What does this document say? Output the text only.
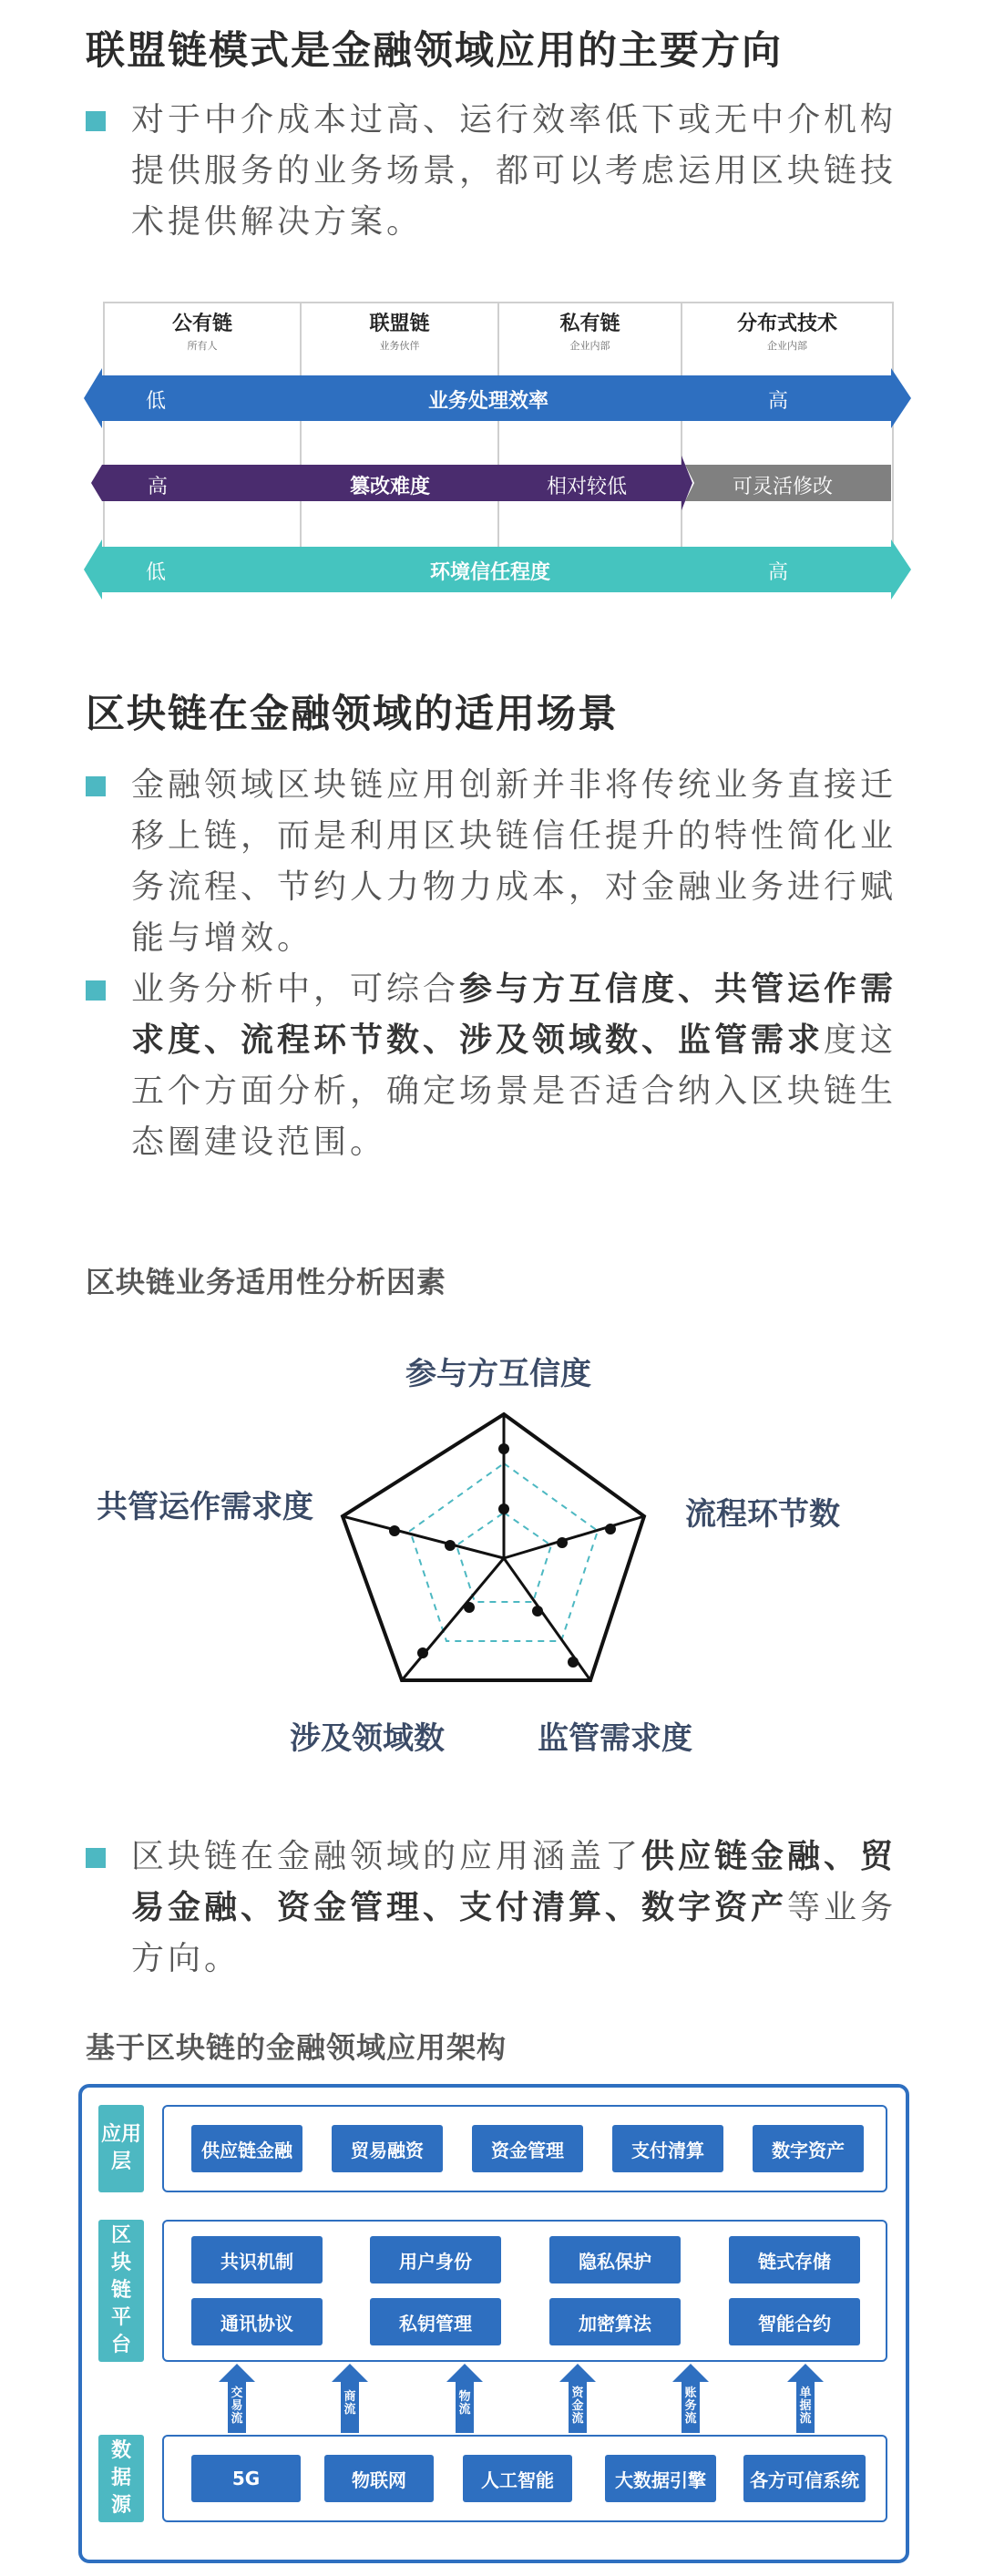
联盟链模式是金融领域应用的主要方向
对于中介成本过高、运行效率低下或无中介机构提供服务的业务场景，都可以考虑运用区块链技术提供解决方案。
公有链
所有人
联盟链
业务伙伴
私有链
企业内部
分布式技术
企业内部
低	业务处理效率	高
高	篡改难度	相对较低	可灵活修改
低	环境信任程度	高
区块链在金融领域的适用场景
金融领域区块链应用创新并非将传统业务直接迁移上链，而是利用区块链信任提升的特性简化业务流程、节约人力物力成本，对金融业务进行赋能与增效。
业务分析中，可综合参与方互信度、共管运作需求度、流程环节数、涉及领域数、监管需求度这五个方面分析，确定场景是否适合纳入区块链生态圈建设范围。
区块链业务适用性分析因素
参与方互信度
流程环节数
监管需求度
涉及领域数
共管运作需求度
区块链在金融领域的应用涵盖了供应链金融、贸易金融、资金管理、支付清算、数字资产等业务方向。
基于区块链的金融领域应用架构
应用层
供应链金融	贸易融资	资金管理	支付清算	数字资产
区块链平台
共识机制	用户身份	隐私保护	链式存储
通讯协议	私钥管理	加密算法	智能合约
交易流
商流
物流
资金流
账务流
单据流
数据源
5G	物联网	人工智能	大数据引擎	各方可信系统
